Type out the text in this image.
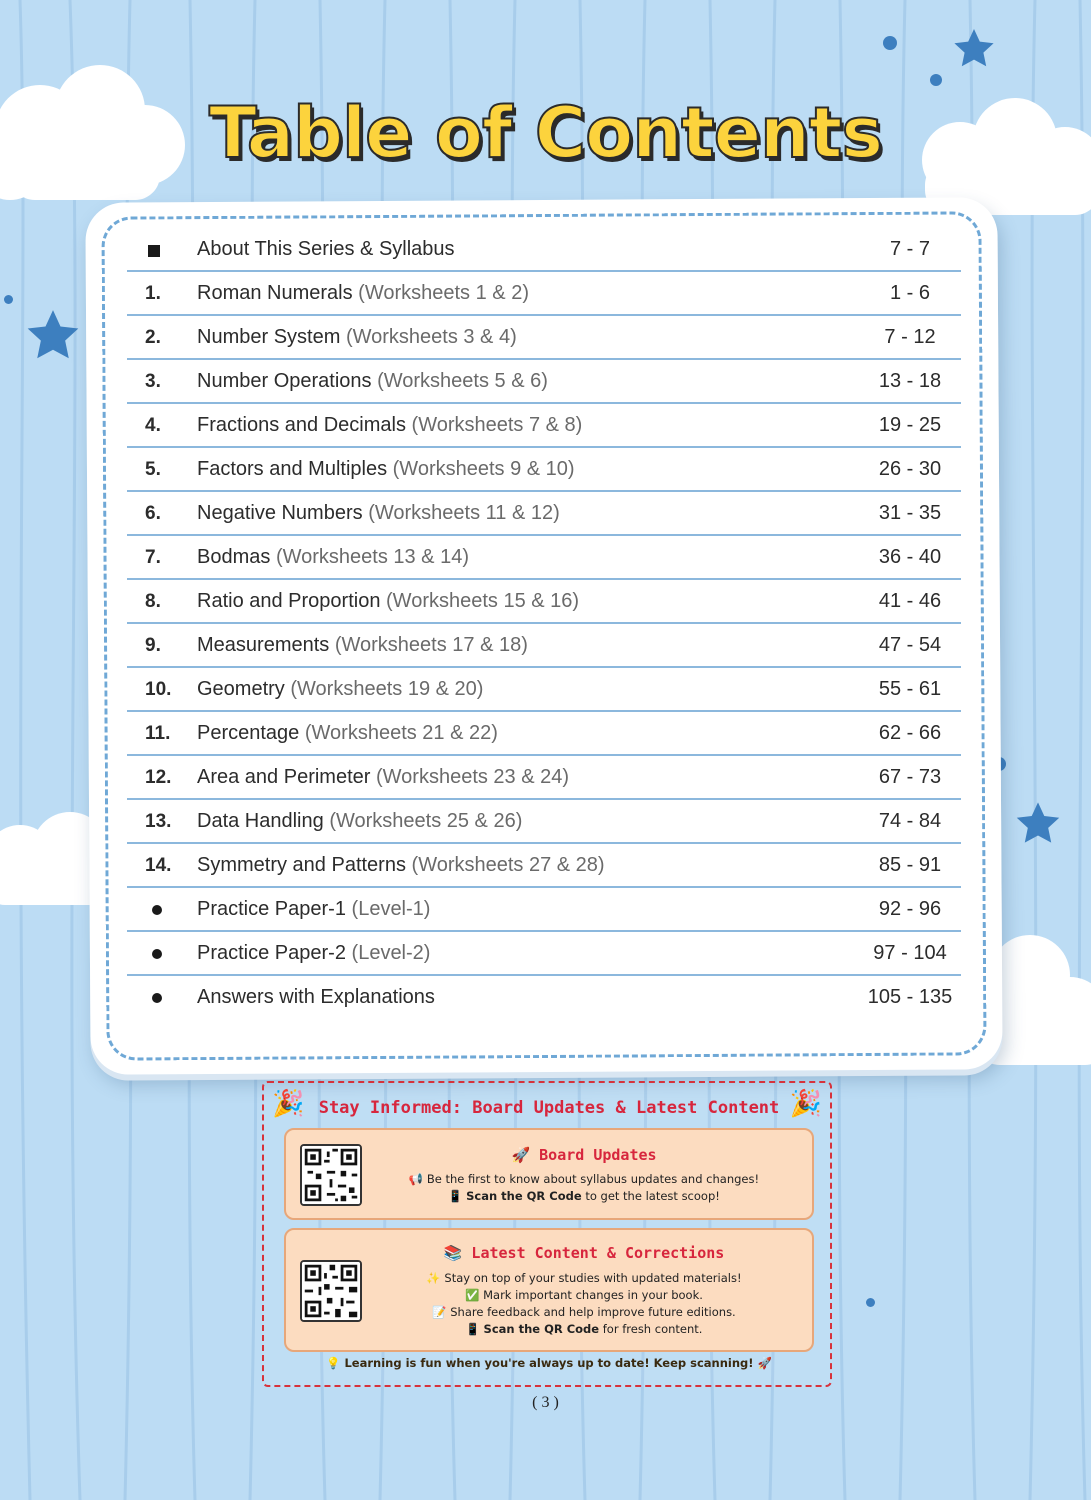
Table of Contents
About This Series & Syllabus	7 - 7
1. Roman Numerals (Worksheets 1 & 2)	1 - 6
2. Number System (Worksheets 3 & 4)	7 - 12
3. Number Operations (Worksheets 5 & 6)	13 - 18
4. Fractions and Decimals (Worksheets 7 & 8)	19 - 25
5. Factors and Multiples (Worksheets 9 & 10)	26 - 30
6. Negative Numbers (Worksheets 11 & 12)	31 - 35
7. Bodmas (Worksheets 13 & 14)	36 - 40
8. Ratio and Proportion (Worksheets 15 & 16)	41 - 46
9. Measurements (Worksheets 17 & 18)	47 - 54
10. Geometry (Worksheets 19 & 20)	55 - 61
11. Percentage (Worksheets 21 & 22)	62 - 66
12. Area and Perimeter (Worksheets 23 & 24)	67 - 73
13. Data Handling (Worksheets 25 & 26)	74 - 84
14. Symmetry and Patterns (Worksheets 27 & 28)	85 - 91
Practice Paper-1 (Level-1)	92 - 96
Practice Paper-2 (Level-2)	97 - 104
Answers with Explanations	105 - 135
🎉 Stay Informed: Board Updates & Latest Content 🎉
🚀 Board Updates
📢 Be the first to know about syllabus updates and changes!
📱 Scan the QR Code to get the latest scoop!
📚 Latest Content & Corrections
✨ Stay on top of your studies with updated materials!
✅ Mark important changes in your book.
📝 Share feedback and help improve future editions.
📱 Scan the QR Code for fresh content.
💡 Learning is fun when you're always up to date! Keep scanning! 🚀
( 3 )
